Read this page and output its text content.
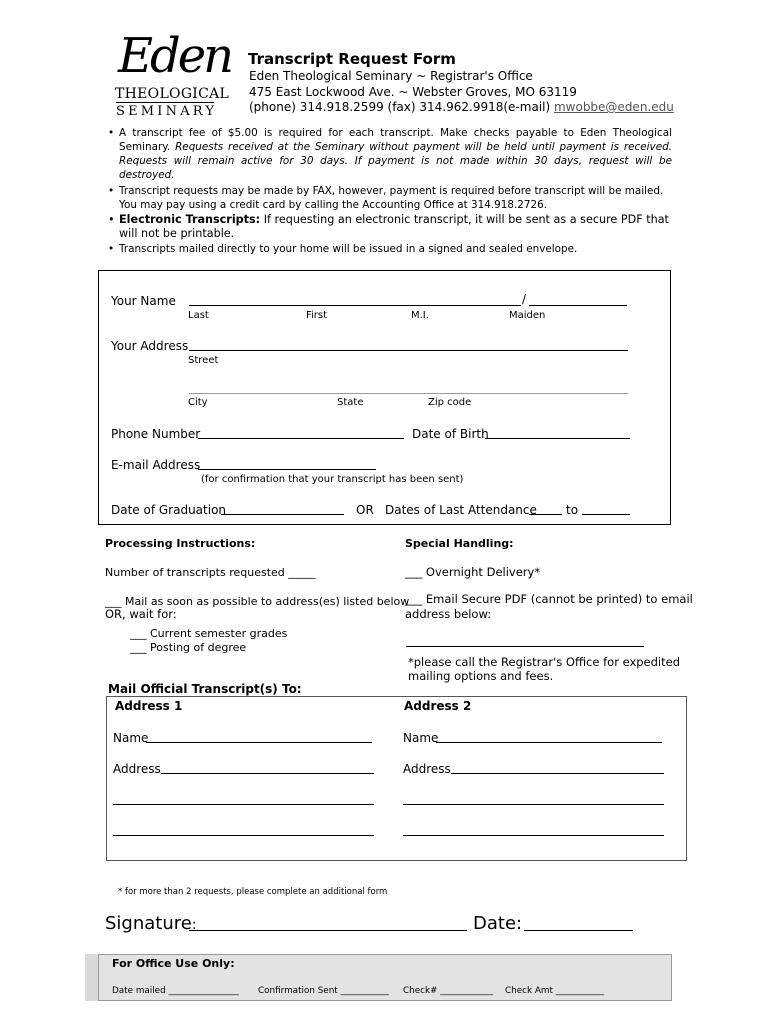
Eden
THEOLOGICAL
SEMINARY
Transcript Request Form
Eden Theological Seminary ~ Registrar's Office
475 East Lockwood Ave. ~ Webster Groves, MO 63119
(phone) 314.918.2599 (fax) 314.962.9918(e-mail) mwobbe@eden.edu
• A transcript fee of $5.00 is required for each transcript. Make checks payable to Eden Theological Seminary. Requests received at the Seminary without payment will be held until payment is received. Requests will remain active for 30 days. If payment is not made within 30 days, request will be destroyed.
• Transcript requests may be made by FAX, however, payment is required before transcript will be mailed. You may pay using a credit card by calling the Accounting Office at 314.918.2726.
• Electronic Transcripts: If requesting an electronic transcript, it will be sent as a secure PDF that will not be printable.
• Transcripts mailed directly to your home will be issued in a signed and sealed envelope.
Your Name	/
Last	First	M.I.	Maiden
Your Address
Street
City	State	Zip code
Phone Number	Date of Birth
E-mail Address
(for confirmation that your transcript has been sent)
Date of Graduation	OR Dates of Last Attendance to
Processing Instructions:	Special Handling:
Number of transcripts requested _____	___ Overnight Delivery*
___ Mail as soon as possible to address(es) listed below
OR, wait for:
___ Email Secure PDF (cannot be printed) to email
address below:
___ Current semester grades
___ Posting of degree
*please call the Registrar's Office for expedited
mailing options and fees.
Mail Official Transcript(s) To:
Address 1	Address 2
Name	Name
Address	Address
* for more than 2 requests, please complete an additional form
Signature:	Date:
For Office Use Only:
Date mailed ________________ Confirmation Sent ___________ Check# ____________ Check Amt ___________
